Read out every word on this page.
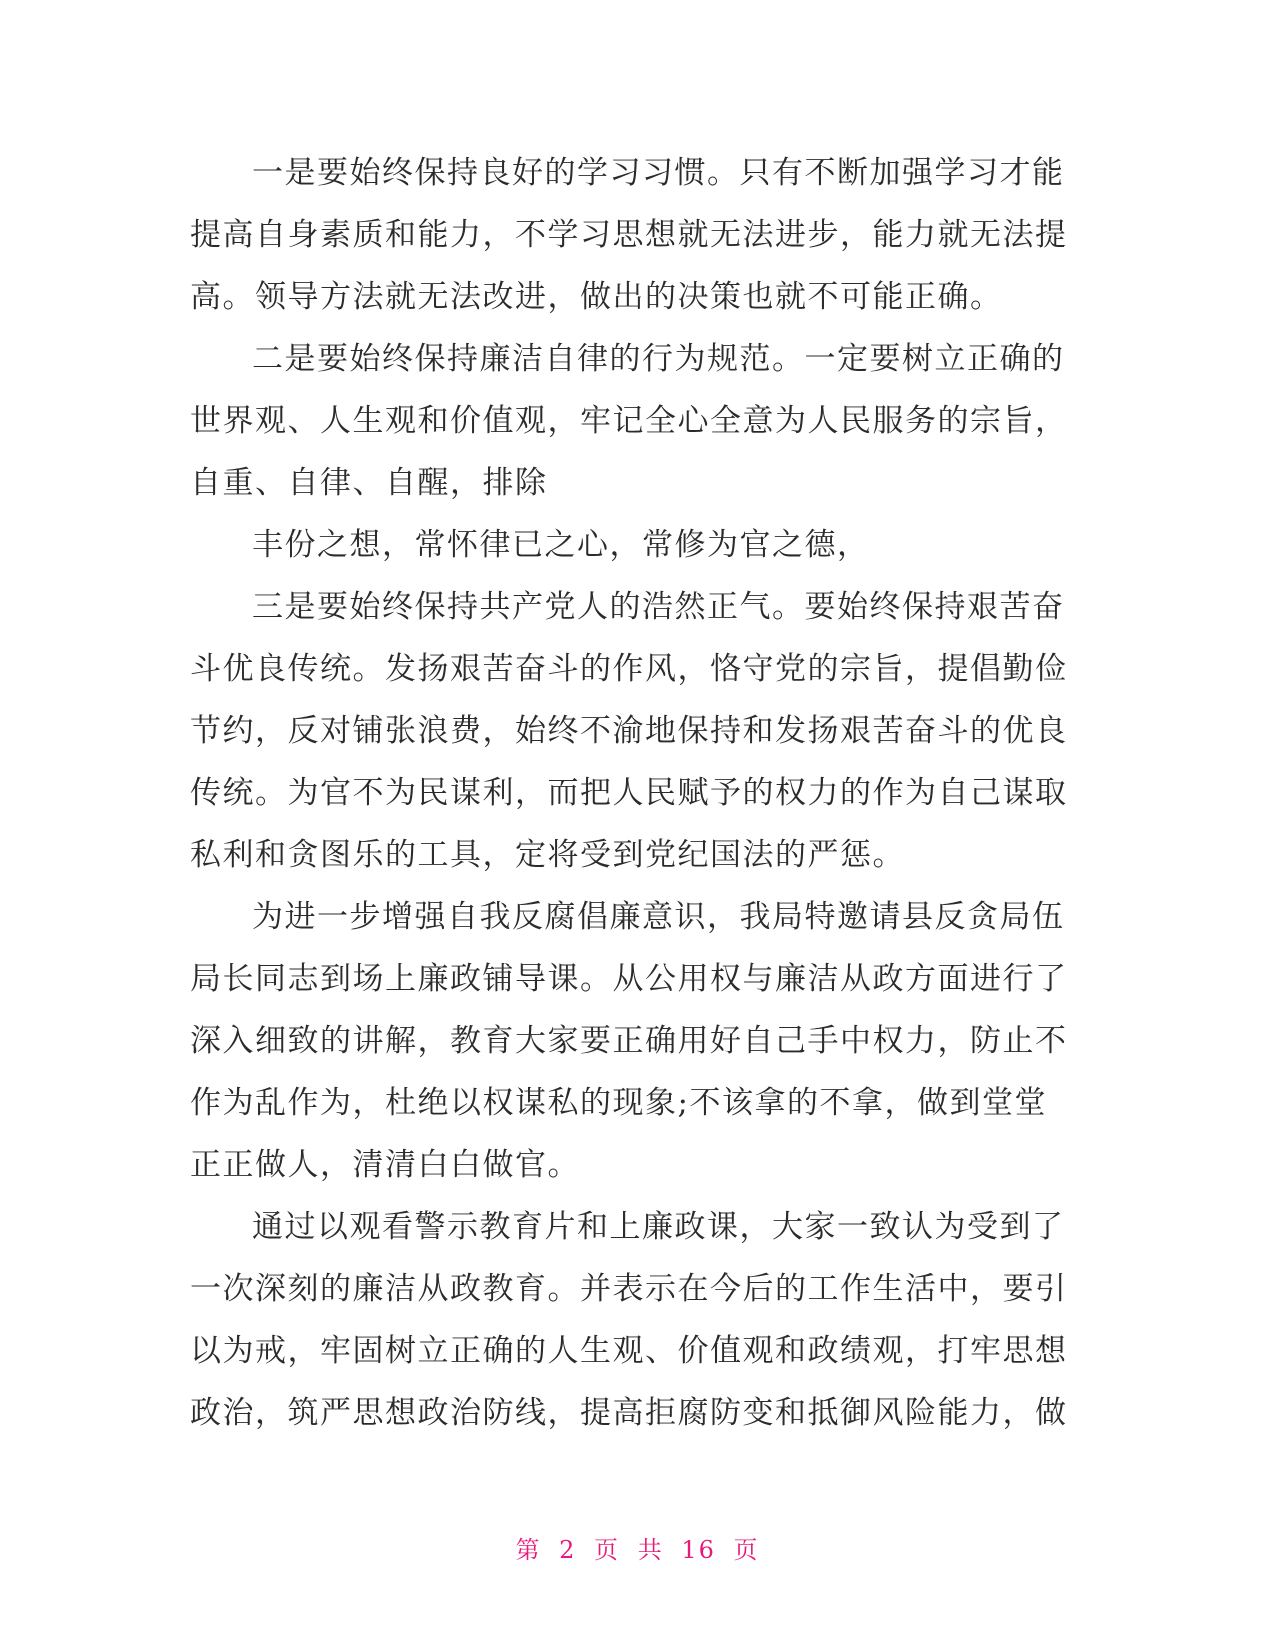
一是要始终保持良好的学习习惯。只有不断加强学习才能
提高自身素质和能力，不学习思想就无法进步，能力就无法提
高。领导方法就无法改进，做出的决策也就不可能正确。
二是要始终保持廉洁自律的行为规范。一定要树立正确的
世界观、人生观和价值观，牢记全心全意为人民服务的宗旨，
自重、自律、自醒，排除
丰份之想，常怀律已之心，常修为官之德，
三是要始终保持共产党人的浩然正气。要始终保持艰苦奋
斗优良传统。发扬艰苦奋斗的作风，恪守党的宗旨，提倡勤俭
节约，反对铺张浪费，始终不渝地保持和发扬艰苦奋斗的优良
传统。为官不为民谋利，而把人民赋予的权力的作为自己谋取
私利和贪图乐的工具，定将受到党纪国法的严惩。
为进一步增强自我反腐倡廉意识，我局特邀请县反贪局伍
局长同志到场上廉政铺导课。从公用权与廉洁从政方面进行了
深入细致的讲解，教育大家要正确用好自己手中权力，防止不
作为乱作为，杜绝以权谋私的现象;不该拿的不拿，做到堂堂
正正做人，清清白白做官。
通过以观看警示教育片和上廉政课，大家一致认为受到了
一次深刻的廉洁从政教育。并表示在今后的工作生活中，要引
以为戒，牢固树立正确的人生观、价值观和政绩观，打牢思想
政治，筑严思想政治防线，提高拒腐防变和抵御风险能力，做
第 2 页 共 16 页
